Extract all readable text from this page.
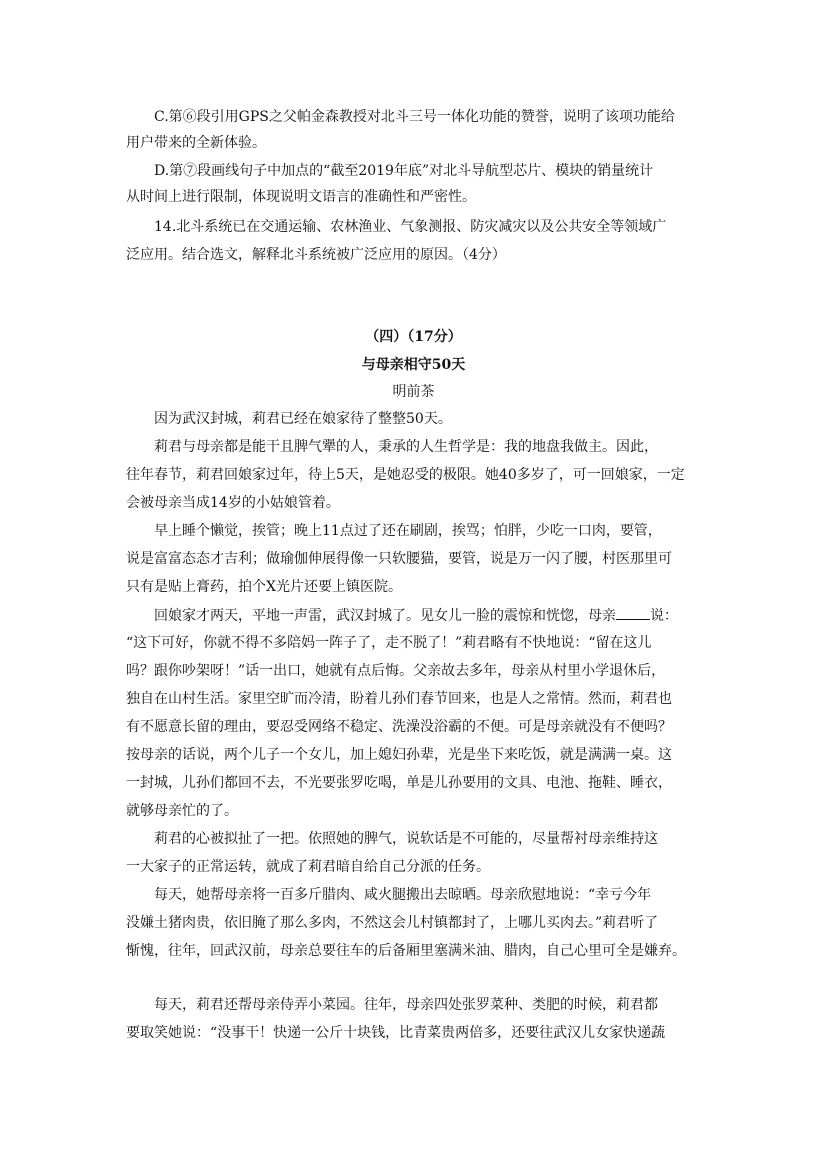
C.第⑥段引用GPS之父帕金森教授对北斗三号一体化功能的赞誉，说明了该项功能给
用户带来的全新体验。
D.第⑦段画线句子中加点的“截至2019年底”对北斗导航型芯片、模块的销量统计
从时间上进行限制，体现说明文语言的准确性和严密性。
14.北斗系统已在交通运输、农林渔业、气象测报、防灾减灾以及公共安全等领域广
泛应用。结合选文，解释北斗系统被广泛应用的原因。（4分）
（四）（17分）
与母亲相守50天
明前茶
因为武汉封城，莉君已经在娘家待了整整50天。
莉君与母亲都是能干且脾气犟的人，秉承的人生哲学是：我的地盘我做主。因此，
往年春节，莉君回娘家过年，待上5天，是她忍受的极限。她40多岁了，可一回娘家，一定
会被母亲当成14岁的小姑娘管着。
早上睡个懒觉，挨管；晚上11点过了还在刷剧，挨骂；怕胖，少吃一口肉，要管，
说是富富态态才吉利；做瑜伽伸展得像一只软腰猫，要管，说是万一闪了腰，村医那里可
只有是贴上膏药，拍个X光片还要上镇医院。
回娘家才两天，平地一声雷，武汉封城了。见女儿一脸的震惊和恍惚，母亲 说：
“这下可好，你就不得不多陪妈一阵子了，走不脱了！”莉君略有不快地说：“留在这儿
吗？跟你吵架呀！”话一出口，她就有点后悔。父亲故去多年，母亲从村里小学退休后，
独自在山村生活。家里空旷而冷清，盼着儿孙们春节回来，也是人之常情。然而，莉君也
有不愿意长留的理由，要忍受网络不稳定、洗澡没浴霸的不便。可是母亲就没有不便吗？
按母亲的话说，两个儿子一个女儿，加上媳妇孙辈，光是坐下来吃饭，就是满满一桌。这
一封城，儿孙们都回不去，不光要张罗吃喝，单是儿孙要用的文具、电池、拖鞋、睡衣，
就够母亲忙的了。
莉君的心被拟扯了一把。依照她的脾气，说软话是不可能的，尽量帮衬母亲维持这
一大家子的正常运转，就成了莉君暗自给自己分派的任务。
每天，她帮母亲将一百多斤腊肉、咸火腿搬出去晾晒。母亲欣慰地说：“幸亏今年
没嫌土猪肉贵，依旧腌了那么多肉，不然这会儿村镇都封了，上哪儿买肉去。”莉君听了
惭愧，往年，回武汉前，母亲总要往车的后备厢里塞满米油、腊肉，自己心里可全是嫌弃。
每天，莉君还帮母亲侍弄小菜园。往年，母亲四处张罗菜种、类肥的时候，莉君都
要取笑她说：“没事干！快递一公斤十块钱，比青菜贵两倍多，还要往武汉儿女家快递蔬
